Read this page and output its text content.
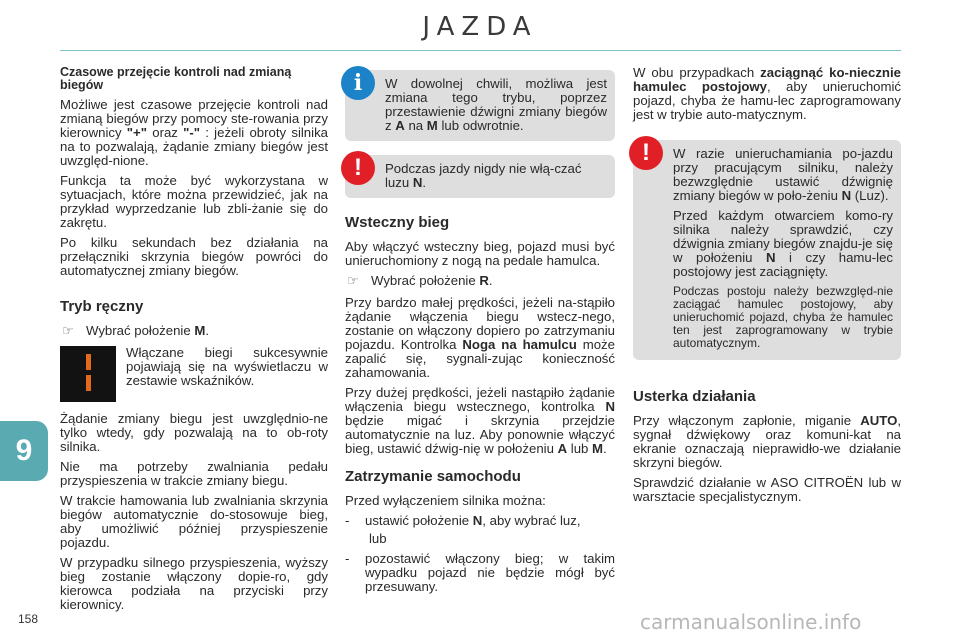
JAZDA
Czasowe przejęcie kontroli nad zmianą biegów

Możliwe jest czasowe przejęcie kontroli nad zmianą biegów przy pomocy ste-rowania przy kierownicy "+" oraz "-" : jeżeli obroty silnika na to pozwalają, żądanie zmiany biegów jest uwzględ-nione.

Funkcja ta może być wykorzystana w sytuacjach, które można przewidzieć, jak na przykład wyprzedzanie lub zbli-żanie się do zakrętu.

Po kilku sekundach bez działania na przełączniki skrzynia biegów powróci do automatycznej zmiany biegów.

Tryb ręczny
☞ Wybrać położenie M.
Włączane biegi sukcesywnie pojawiają się na wyświetlaczu w zestawie wskaźników.

Żądanie zmiany biegu jest uwzględnio-ne tylko wtedy, gdy pozwalają na to ob-roty silnika.

Nie ma potrzeby zwalniania pedału przyspieszenia w trakcie zmiany biegu.

W trakcie hamowania lub zwalniania skrzynia biegów automatycznie do-stosowuje bieg, aby umożliwić później przyspieszenie pojazdu.

W przypadku silnego przyspieszenia, wyższy bieg zostanie włączony dopie-ro, gdy kierowca podziała na przyciski przy kierownicy.

i	W dowolnej chwili, możliwa jest zmiana tego trybu, poprzez przestawienie dźwigni zmiany biegów z A na M lub odwrotnie.
!	Podczas jazdy nigdy nie włą-czać luzu N.
Wsteczny bieg

Aby włączyć wsteczny bieg, pojazd musi być unieruchomiony z nogą na pedale hamulca.

☞ Wybrać położenie R.

Przy bardzo małej prędkości, jeżeli na-stąpiło żądanie włączenia biegu wstecz-nego, zostanie on włączony dopiero po zatrzymaniu pojazdu. Kontrolka Noga na hamulcu może zapalić się, sygnali-zując konieczność zahamowania.

Przy dużej prędkości, jeżeli nastąpiło żądanie włączenia biegu wstecznego, kontrolka N będzie migać i skrzynia przejdzie automatycznie na luz. Aby ponownie włączyć bieg, ustawić dźwig-nię w położeniu A lub M.

Zatrzymanie samochodu

Przed wyłączeniem silnika można:

-	ustawić położenie N, aby wybrać luz,
lub
-	pozostawić włączony bieg; w takim wypadku pojazd nie będzie mógł być przesuwany.

W obu przypadkach zaciągnąć ko-niecznie hamulec postojowy, aby unieruchomić pojazd, chyba że hamu-lec zaprogramowany jest w trybie auto-matycznym.

!	W razie unieruchamiania po-jazdu przy pracującym silniku, należy bezwzględnie ustawić dźwignię zmiany biegów w poło-żeniu N (Luz).

Przed każdym otwarciem komo-ry silnika należy sprawdzić, czy dźwignia zmiany biegów znajdu-je się w położeniu N i czy hamu-lec postojowy jest zaciągnięty.

Podczas postoju należy bezwzględ-nie zaciągać hamulec postojowy, aby unieruchomić pojazd, chyba że hamulec ten jest zaprogramowany w trybie automatycznym.

Usterka działania

Przy włączonym zapłonie, miganie AUTO, sygnał dźwiękowy oraz komuni-kat na ekranie oznaczają nieprawidło-we działanie skrzyni biegów.

Sprawdzić działanie w ASO CITROËN lub w warsztacie specjalistycznym.

9
158	carmanualsonline.info
